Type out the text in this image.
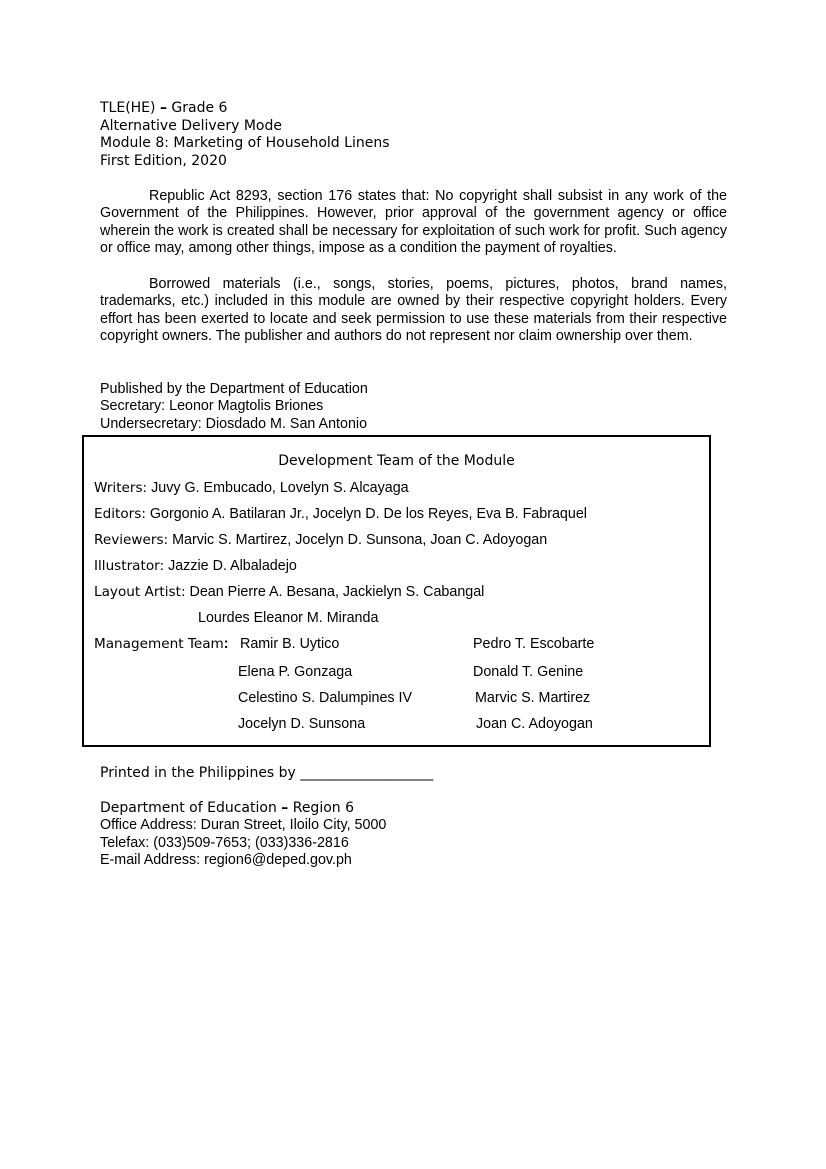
TLE(HE) – Grade 6
Alternative Delivery Mode
Module 8: Marketing of Household Linens
First Edition, 2020

Republic Act 8293, section 176 states that: No copyright shall subsist in any work of the Government of the Philippines. However, prior approval of the government agency or office wherein the work is created shall be necessary for exploitation of such work for profit. Such agency or office may, among other things, impose as a condition the payment of royalties.

Borrowed materials (i.e., songs, stories, poems, pictures, photos, brand names, trademarks, etc.) included in this module are owned by their respective copyright holders. Every effort has been exerted to locate and seek permission to use these materials from their respective copyright owners. The publisher and authors do not represent nor claim ownership over them.

Published by the Department of Education
Secretary: Leonor Magtolis Briones
Undersecretary: Diosdado M. San Antonio
Development Team of the Module
Writers: Juvy G. Embucado, Lovelyn S. Alcayaga
Editors: Gorgonio A. Batilaran Jr., Jocelyn D. De los Reyes, Eva B. Fabraquel
Reviewers: Marvic S. Martirez, Jocelyn D. Sunsona, Joan C. Adoyogan
Illustrator: Jazzie D. Albaladejo
Layout Artist: Dean Pierre A. Besana, Jackielyn S. Cabangal
Lourdes Eleanor M. Miranda
Management Team: Ramir B. Uytico
Elena P. Gonzaga
Celestino S. Dalumpines IV
Jocelyn D. Sunsona
Pedro T. Escobarte
Donald T. Genine
Marvic S. Martirez
Joan C. Adoyogan
Printed in the Philippines by ___________________
Department of Education – Region 6
Office Address: Duran Street, Iloilo City, 5000
Telefax: (033)509-7653; (033)336-2816
E-mail Address: region6@deped.gov.ph
